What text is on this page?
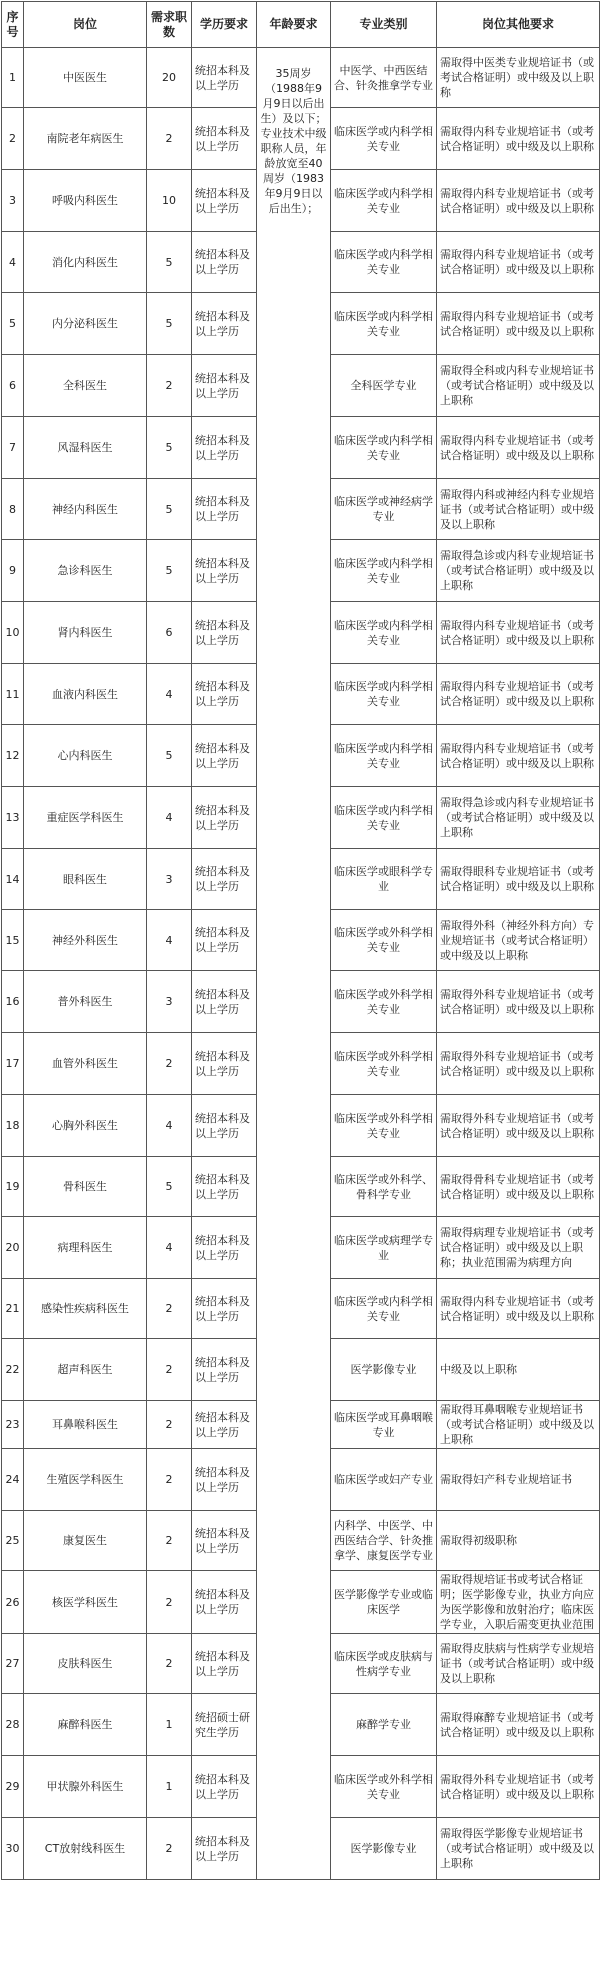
序号	岗位	需求职数	学历要求	年龄要求	专业类别	岗位其他要求
1	中医医生	20	统招本科及以上学历	35周岁（1988年9月9日以后出生）及以下；专业技术中级职称人员，年龄放宽至40周岁（1983年9月9日以后出生）；	中医学、中西医结合、针灸推拿学专业	需取得中医类专业规培证书（或考试合格证明）或中级及以上职称
2	南院老年病医生	2	统招本科及以上学历		临床医学或内科学相关专业	需取得内科专业规培证书（或考试合格证明）或中级及以上职称
3	呼吸内科医生	10	统招本科及以上学历		临床医学或内科学相关专业	需取得内科专业规培证书（或考试合格证明）或中级及以上职称
4	消化内科医生	5	统招本科及以上学历		临床医学或内科学相关专业	需取得内科专业规培证书（或考试合格证明）或中级及以上职称
5	内分泌科医生	5	统招本科及以上学历		临床医学或内科学相关专业	需取得内科专业规培证书（或考试合格证明）或中级及以上职称
6	全科医生	2	统招本科及以上学历		全科医学专业	需取得全科或内科专业规培证书（或考试合格证明）或中级及以上职称
7	风湿科医生	5	统招本科及以上学历		临床医学或内科学相关专业	需取得内科专业规培证书（或考试合格证明）或中级及以上职称
8	神经内科医生	5	统招本科及以上学历		临床医学或神经病学专业	需取得内科或神经内科专业规培证书（或考试合格证明）或中级及以上职称
9	急诊科医生	5	统招本科及以上学历		临床医学或内科学相关专业	需取得急诊或内科专业规培证书（或考试合格证明）或中级及以上职称
10	肾内科医生	6	统招本科及以上学历		临床医学或内科学相关专业	需取得内科专业规培证书（或考试合格证明）或中级及以上职称
11	血液内科医生	4	统招本科及以上学历		临床医学或内科学相关专业	需取得内科专业规培证书（或考试合格证明）或中级及以上职称
12	心内科医生	5	统招本科及以上学历		临床医学或内科学相关专业	需取得内科专业规培证书（或考试合格证明）或中级及以上职称
13	重症医学科医生	4	统招本科及以上学历		临床医学或内科学相关专业	需取得急诊或内科专业规培证书（或考试合格证明）或中级及以上职称
14	眼科医生	3	统招本科及以上学历		临床医学或眼科学专业	需取得眼科专业规培证书（或考试合格证明）或中级及以上职称
15	神经外科医生	4	统招本科及以上学历		临床医学或外科学相关专业	需取得外科（神经外科方向）专业规培证书（或考试合格证明）或中级及以上职称
16	普外科医生	3	统招本科及以上学历		临床医学或外科学相关专业	需取得外科专业规培证书（或考试合格证明）或中级及以上职称
17	血管外科医生	2	统招本科及以上学历		临床医学或外科学相关专业	需取得外科专业规培证书（或考试合格证明）或中级及以上职称
18	心胸外科医生	4	统招本科及以上学历		临床医学或外科学相关专业	需取得外科专业规培证书（或考试合格证明）或中级及以上职称
19	骨科医生	5	统招本科及以上学历		临床医学或外科学、骨科学专业	需取得骨科专业规培证书（或考试合格证明）或中级及以上职称
20	病理科医生	4	统招本科及以上学历		临床医学或病理学专业	需取得病理专业规培证书（或考试合格证明）或中级及以上职称；执业范围需为病理方向
21	感染性疾病科医生	2	统招本科及以上学历		临床医学或内科学相关专业	需取得内科专业规培证书（或考试合格证明）或中级及以上职称
22	超声科医生	2	统招本科及以上学历		医学影像专业	中级及以上职称
23	耳鼻喉科医生	2	统招本科及以上学历		临床医学或耳鼻咽喉专业	需取得耳鼻咽喉专业规培证书（或考试合格证明）或中级及以上职称
24	生殖医学科医生	2	统招本科及以上学历		临床医学或妇产专业	需取得妇产科专业规培证书
25	康复医生	2	统招本科及以上学历		内科学、中医学、中西医结合学、针灸推拿学、康复医学专业	需取得初级职称
26	核医学科医生	2	统招本科及以上学历		医学影像学专业或临床医学	需取得规培证书或考试合格证明；医学影像专业，执业方向应为医学影像和放射治疗；临床医学专业，入职后需变更执业范围
27	皮肤科医生	2	统招本科及以上学历		临床医学或皮肤病与性病学专业	需取得皮肤病与性病学专业规培证书（或考试合格证明）或中级及以上职称
28	麻醉科医生	1	统招硕士研究生学历		麻醉学专业	需取得麻醉专业规培证书（或考试合格证明）或中级及以上职称
29	甲状腺外科医生	1	统招本科及以上学历		临床医学或外科学相关专业	需取得外科专业规培证书（或考试合格证明）或中级及以上职称
30	CT放射线科医生	2	统招本科及以上学历		医学影像专业	需取得医学影像专业规培证书（或考试合格证明）或中级及以上职称
